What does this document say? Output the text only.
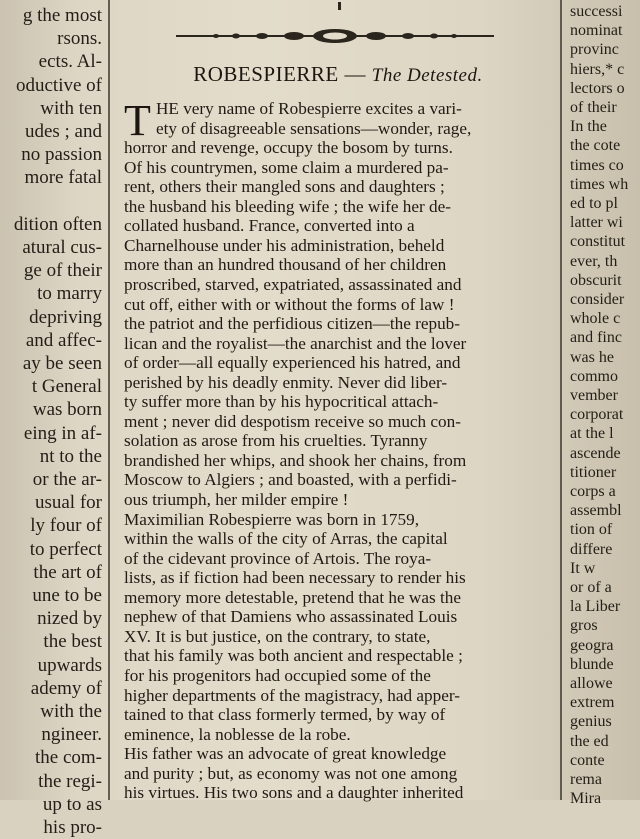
g the most
rsons.
ects. Al-
oductive of
with ten
udes ; and
no passion
more fatal
dition often
atural cus-
ge of their
to marry
depriving
and affec-
ay be seen
t General
was born
eing in af-
nt to the
or the ar-
usual for
ly four of
to perfect
the art of
une to be
nized by
the best
upwards
ademy of
with the
ngineer.
the com-
the regi-
up to as
his pro-
ROBESPIERRE — The Detested.
T HE very name of Robespierre excites a vari-
ety of disagreeable sensations—wonder, rage,
horror and revenge, occupy the bosom by turns.
Of his countrymen, some claim a murdered pa-
rent, others their mangled sons and daughters ;
the husband his bleeding wife ; the wife her de-
collated husband. France, converted into a
Charnelhouse under his administration, beheld
more than an hundred thousand of her children
proscribed, starved, expatriated, assassinated and
cut off, either with or without the forms of law !
the patriot and the perfidious citizen—the repub-
lican and the royalist—the anarchist and the lover
of order—all equally experienced his hatred, and
perished by his deadly enmity. Never did liber-
ty suffer more than by his hypocritical attach-
ment ; never did despotism receive so much con-
solation as arose from his cruelties. Tyranny
brandished her whips, and shook her chains, from
Moscow to Algiers ; and boasted, with a perfidi-
ous triumph, her milder empire !
Maximilian Robespierre was born in 1759,
within the walls of the city of Arras, the capital
of the cidevant province of Artois. The roya-
lists, as if fiction had been necessary to render his
memory more detestable, pretend that he was the
nephew of that Damiens who assassinated Louis
XV. It is but justice, on the contrary, to state,
that his family was both ancient and respectable ;
for his progenitors had occupied some of the
higher departments of the magistracy, had apper-
tained to that class formerly termed, by way of
eminence, la noblesse de la robe.
His father was an advocate of great knowledge
and purity ; but, as economy was not one among
his virtues. His two sons and a daughter inherited
successi
nominat
provinc
hiers,* c
lectors o
of their
In the
the cote
times co
times wh
ed to pl
latter wi
constitut
ever, th
obscurit
consider
whole c
and finc
was he
commo
vember
corporat
at the l
ascende
titioner
corps a
assembl
tion of
differe
It w
or of a
la Liber
gros
geogra
blunde
allowe
extrem
genius
the ed
conte
rema
Mira
